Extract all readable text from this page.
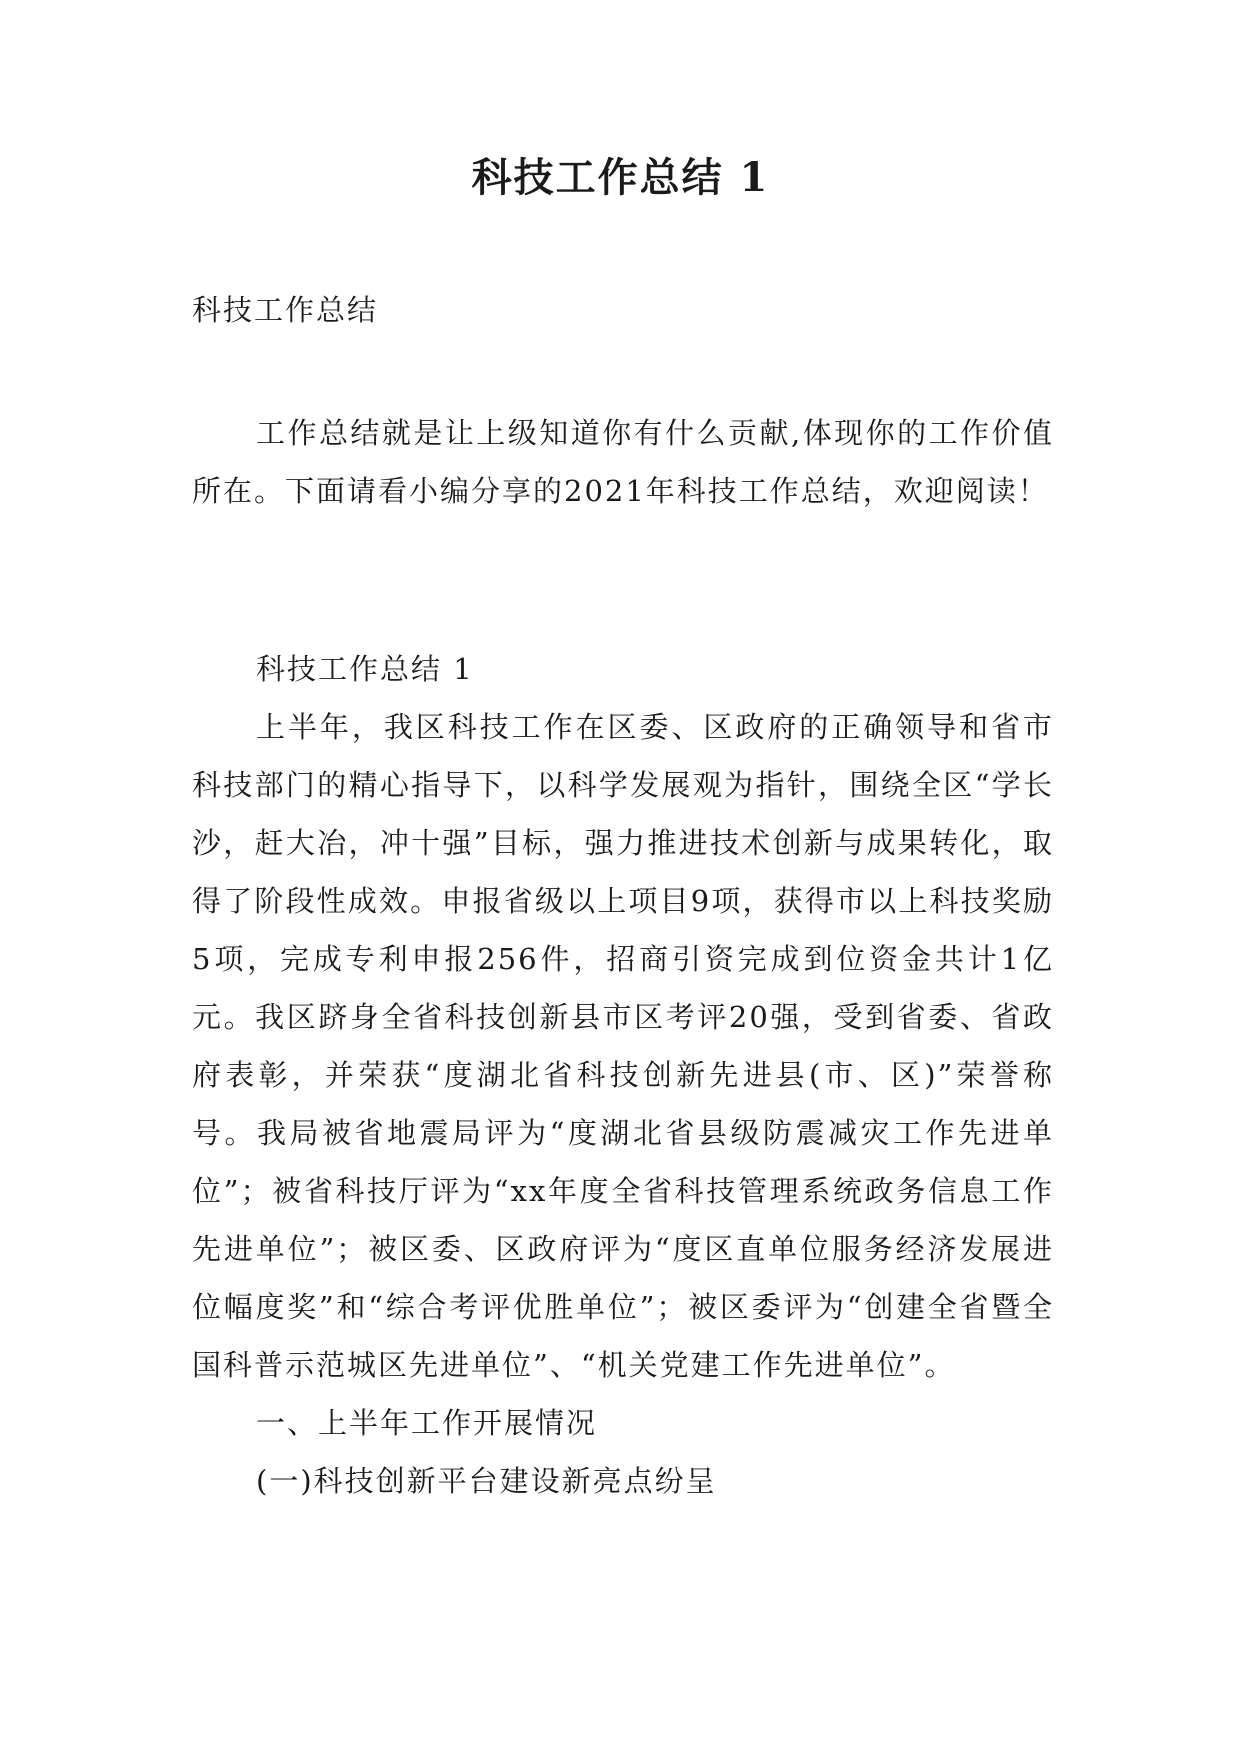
科技工作总结 1
科技工作总结

工作总结就是让上级知道你有什么贡献,体现你的工作价值所在。下面请看小编分享的2021年科技工作总结，欢迎阅读！

科技工作总结 1

上半年，我区科技工作在区委、区政府的正确领导和省市科技部门的精心指导下，以科学发展观为指针，围绕全区“学长沙，赶大冶，冲十强”目标，强力推进技术创新与成果转化，取得了阶段性成效。申报省级以上项目9项，获得市以上科技奖励5项，完成专利申报256件，招商引资完成到位资金共计1亿元。我区跻身全省科技创新县市区考评20强，受到省委、省政府表彰，并荣获“度湖北省科技创新先进县(市、区)”荣誉称号。我局被省地震局评为“度湖北省县级防震减灾工作先进单位”；被省科技厅评为“xx年度全省科技管理系统政务信息工作先进单位”；被区委、区政府评为“度区直单位服务经济发展进位幅度奖”和“综合考评优胜单位”；被区委评为“创建全省暨全国科普示范城区先进单位”、“机关党建工作先进单位”。

一、上半年工作开展情况

(一)科技创新平台建设新亮点纷呈
